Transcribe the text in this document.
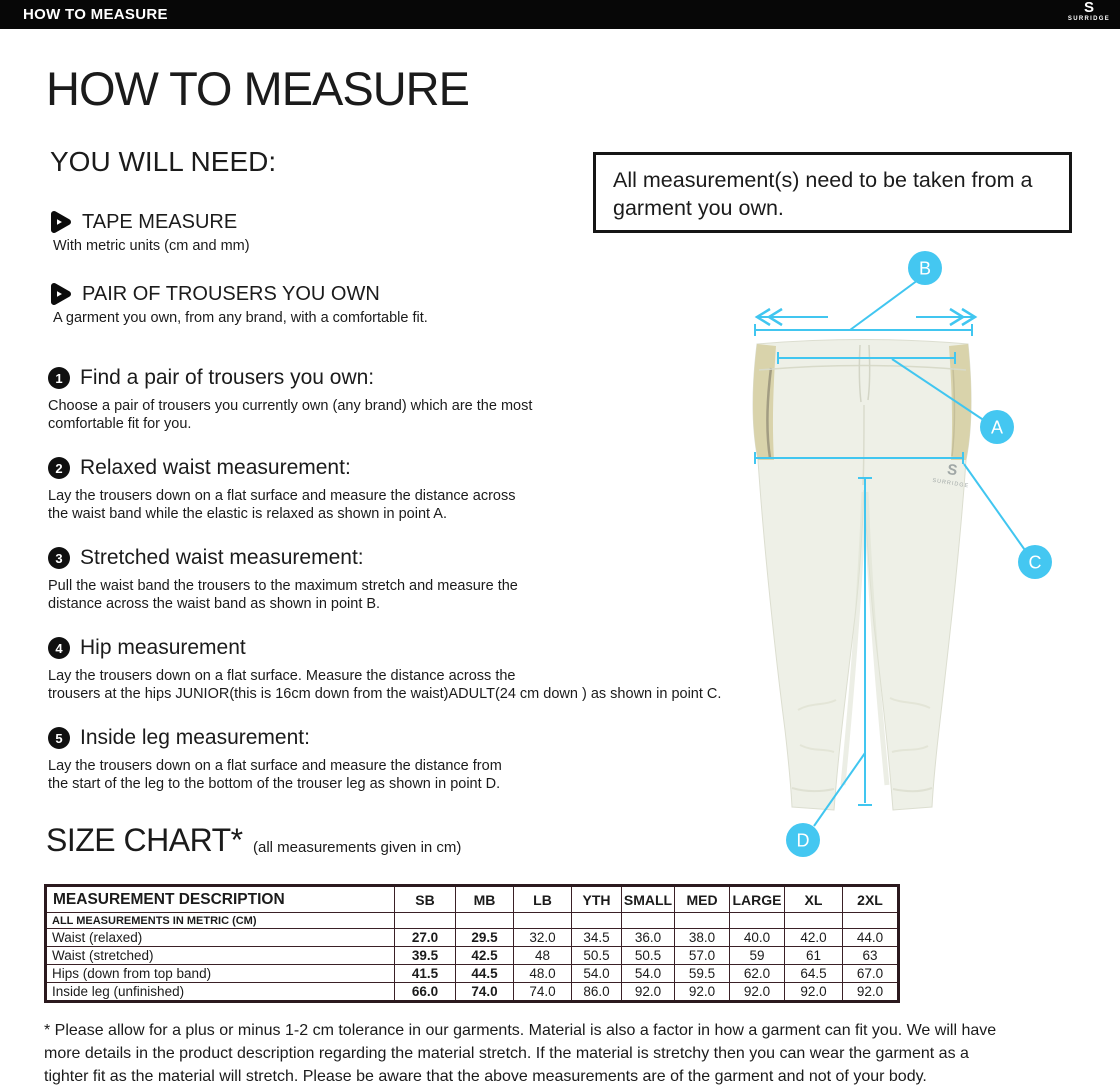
HOW TO MEASURE	S
SURRIDGE
HOW TO MEASURE
YOU WILL NEED:
TAPE MEASURE
With metric units (cm and mm)
PAIR OF TROUSERS YOU OWN
A garment you own, from any brand, with a comfortable fit.
All measurement(s) need to be taken from a
garment you own.
1 Find a pair of trousers you own:
Choose a pair of trousers you currently own (any brand) which are the most
comfortable fit for you.
2 Relaxed waist measurement:
Lay the trousers down on a flat surface and measure the distance across
the waist band while the elastic is relaxed as shown in point A.
3 Stretched waist measurement:
Pull the waist band the trousers to the maximum stretch and measure the
distance across the waist band as shown in point B.
4 Hip measurement
Lay the trousers down on a flat surface. Measure the distance across the
trousers at the hips JUNIOR(this is 16cm down from the waist)ADULT(24 cm down ) as shown in point C.
5 Inside leg measurement:
Lay the trousers down on a flat surface and measure the distance from
the start of the leg to the bottom of the trouser leg as shown in point D.
S
SURRIDGE
B
A
C
D
SIZE CHART* (all measurements given in cm)
MEASUREMENT DESCRIPTION	SB	MB	LB	YTH	SMALL	MED	LARGE	XL	2XL
ALL MEASUREMENTS IN METRIC (CM)									
Waist (relaxed)	27.0	29.5	32.0	34.5	36.0	38.0	40.0	42.0	44.0
Waist (stretched)	39.5	42.5	48	50.5	50.5	57.0	59	61	63
Hips (down from top band)	41.5	44.5	48.0	54.0	54.0	59.5	62.0	64.5	67.0
Inside leg (unfinished)	66.0	74.0	74.0	86.0	92.0	92.0	92.0	92.0	92.0
* Please allow for a plus or minus 1-2 cm tolerance in our garments. Material is also a factor in how a garment can fit you. We will have
more details in the product description regarding the material stretch. If the material is stretchy then you can wear the garment as a
tighter fit as the material will stretch. Please be aware that the above measurements are of the garment and not of your body.
